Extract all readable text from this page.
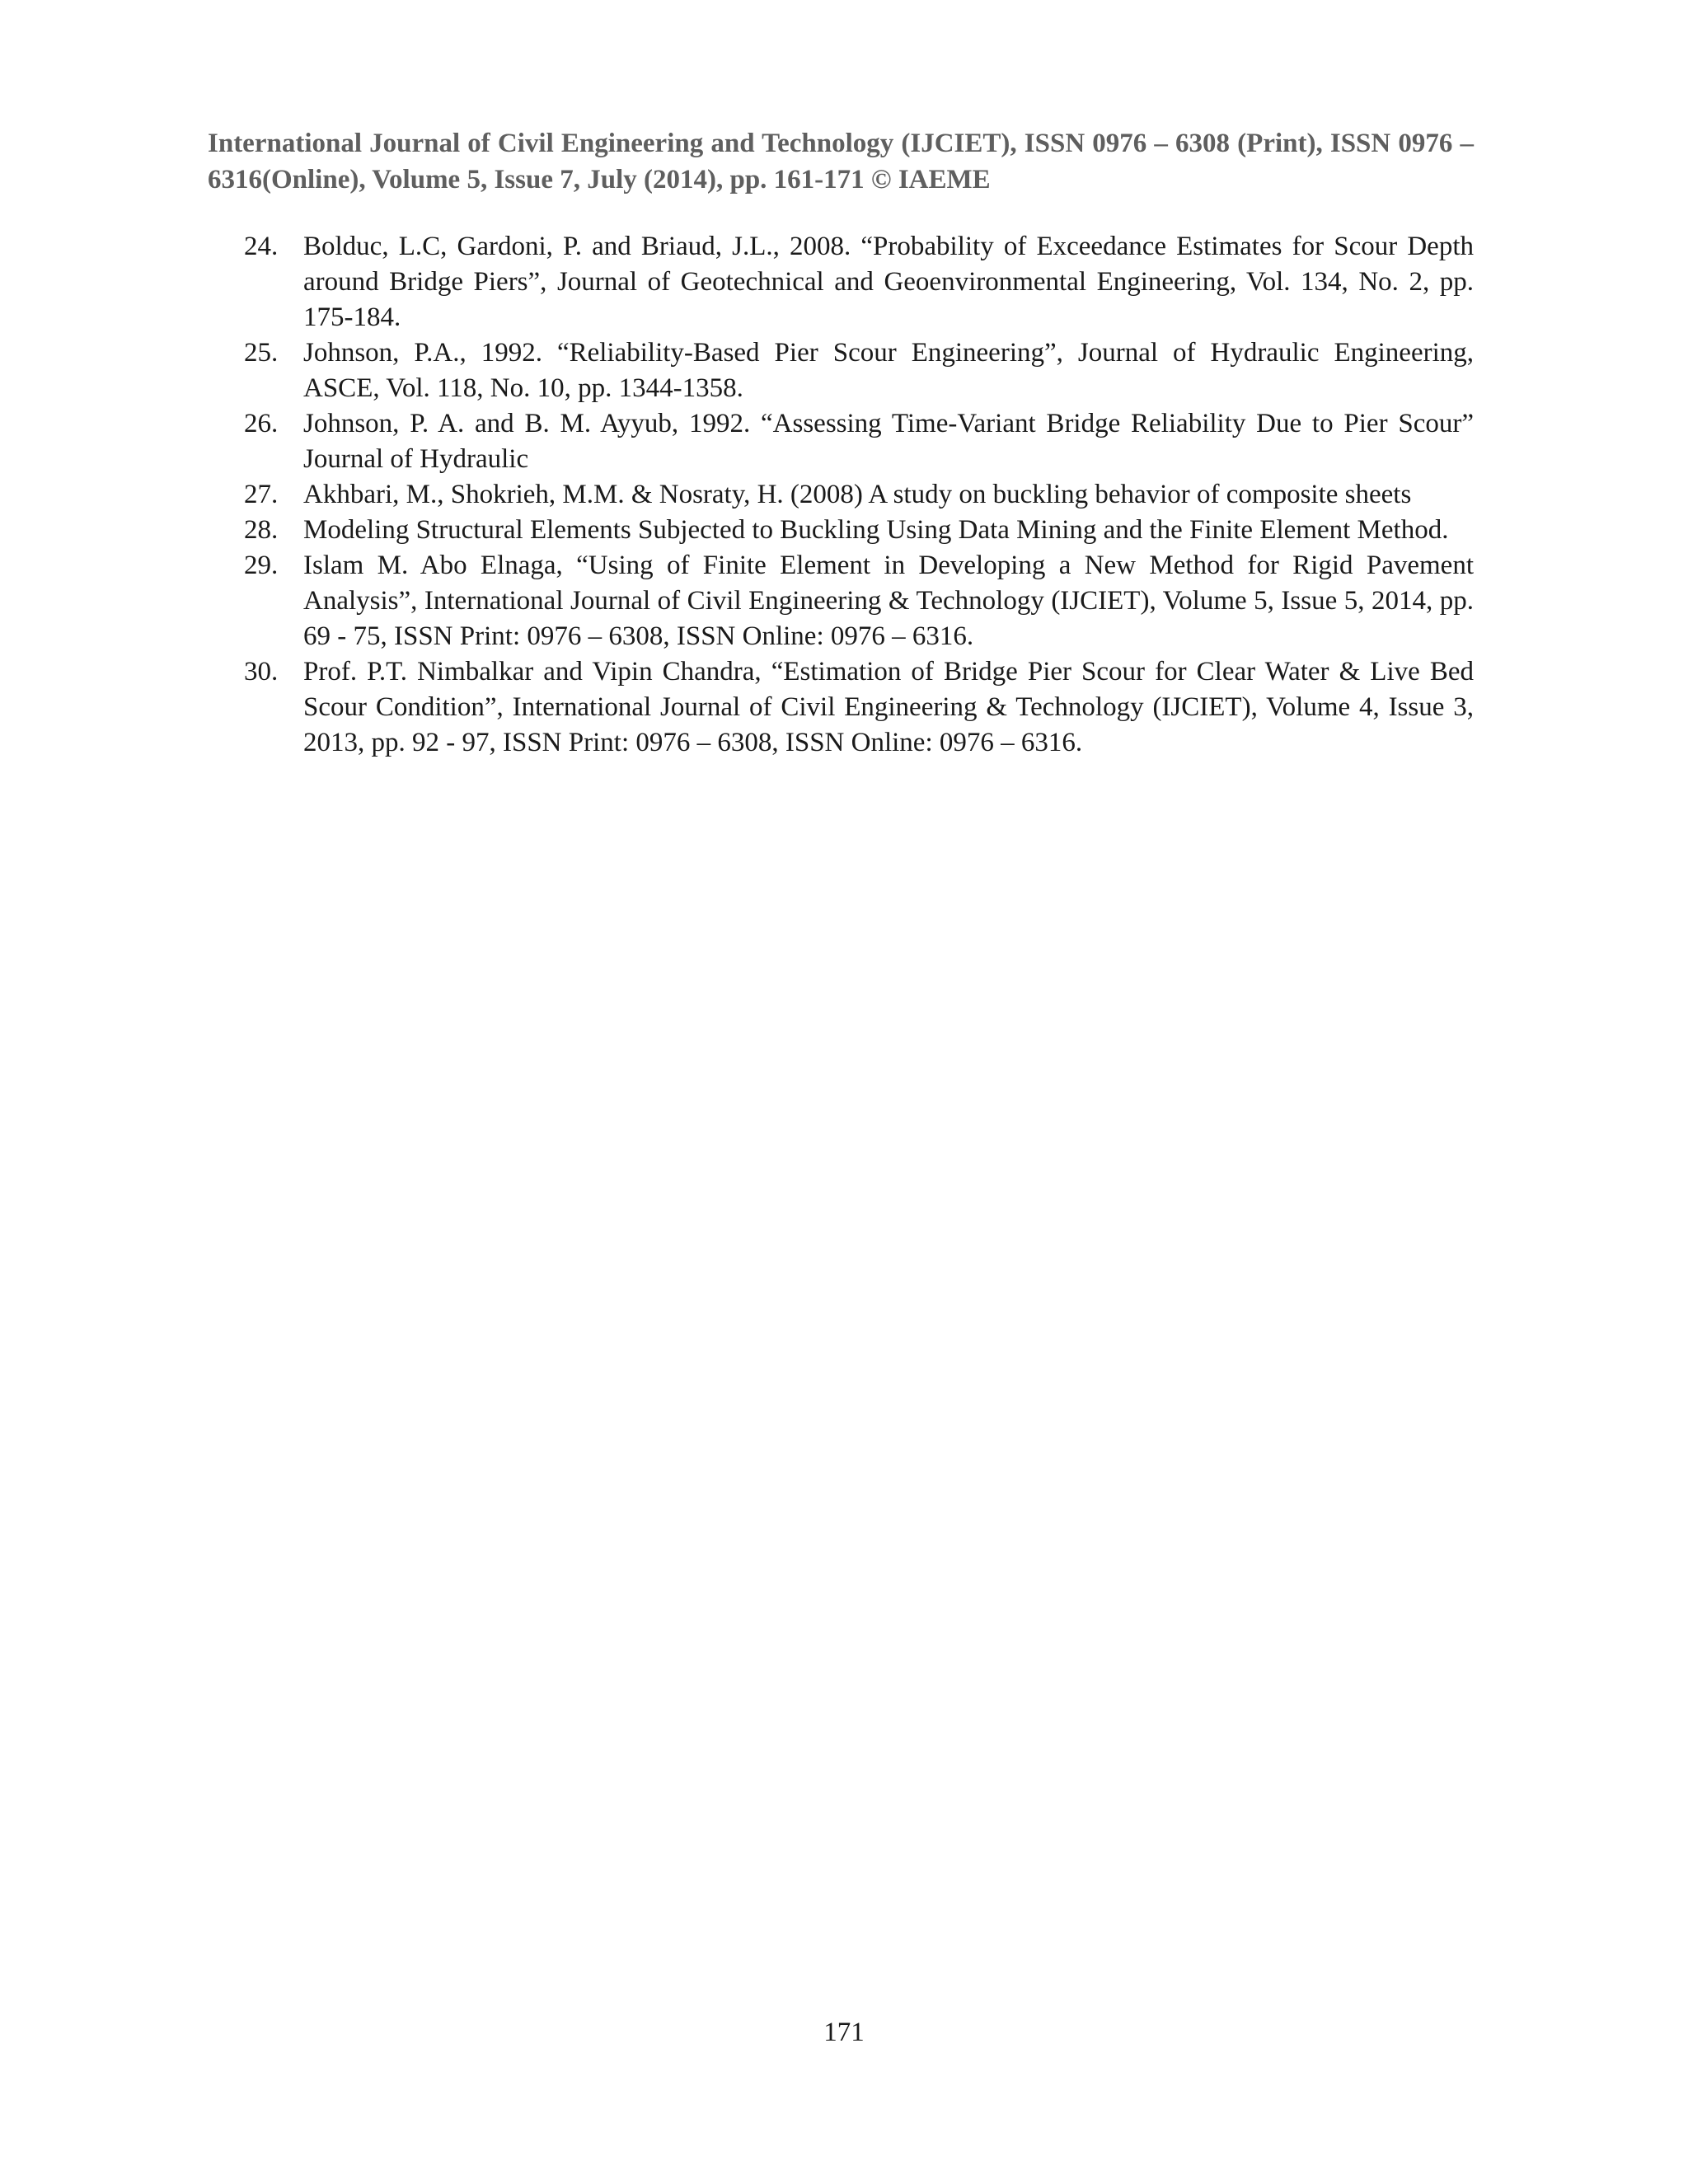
International Journal of Civil Engineering and Technology (IJCIET), ISSN 0976 – 6308 (Print), ISSN 0976 – 6316(Online), Volume 5, Issue 7, July (2014), pp. 161-171 © IAEME
24. Bolduc, L.C, Gardoni, P. and Briaud, J.L., 2008. “Probability of Exceedance Estimates for Scour Depth around Bridge Piers”, Journal of Geotechnical and Geoenvironmental Engineering, Vol. 134, No. 2, pp. 175-184.
25. Johnson, P.A., 1992. “Reliability-Based Pier Scour Engineering”, Journal of Hydraulic Engineering, ASCE, Vol. 118, No. 10, pp. 1344-1358.
26. Johnson, P. A. and B. M. Ayyub, 1992. “Assessing Time-Variant Bridge Reliability Due to Pier Scour” Journal of Hydraulic
27. Akhbari, M., Shokrieh, M.M. & Nosraty, H. (2008) A study on buckling behavior of composite sheets
28. Modeling Structural Elements Subjected to Buckling Using Data Mining and the Finite Element Method.
29. Islam M. Abo Elnaga, “Using of Finite Element in Developing a New Method for Rigid Pavement Analysis”, International Journal of Civil Engineering & Technology (IJCIET), Volume 5, Issue 5, 2014, pp. 69 - 75, ISSN Print: 0976 – 6308, ISSN Online: 0976 – 6316.
30. Prof. P.T. Nimbalkar and Vipin Chandra, “Estimation of Bridge Pier Scour for Clear Water & Live Bed Scour Condition”, International Journal of Civil Engineering & Technology (IJCIET), Volume 4, Issue 3, 2013, pp. 92 - 97, ISSN Print: 0976 – 6308, ISSN Online: 0976 – 6316.
171
